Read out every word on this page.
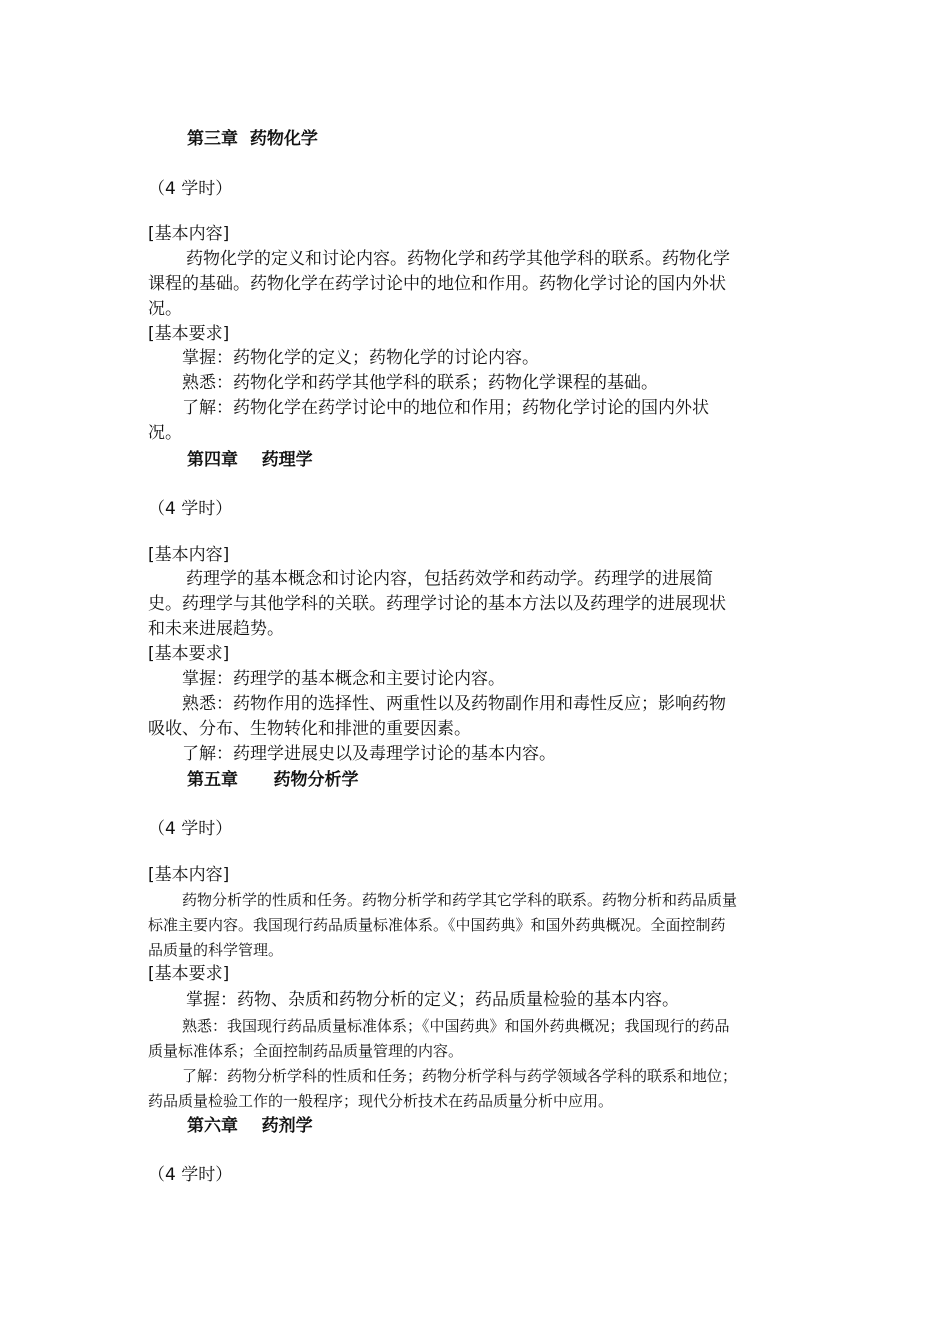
第三章  药物化学
（4 学时）
[基本内容]
药物化学的定义和讨论内容。药物化学和药学其他学科的联系。药物化学
课程的基础。药物化学在药学讨论中的地位和作用。药物化学讨论的国内外状
况。
[基本要求]
掌握：药物化学的定义；药物化学的讨论内容。
熟悉：药物化学和药学其他学科的联系；药物化学课程的基础。
了解：药物化学在药学讨论中的地位和作用；药物化学讨论的国内外状
况。
第四章    药理学
（4 学时）
[基本内容]
药理学的基本概念和讨论内容，包括药效学和药动学。药理学的进展简
史。药理学与其他学科的关联。药理学讨论的基本方法以及药理学的进展现状
和未来进展趋势。
[基本要求]
掌握：药理学的基本概念和主要讨论内容。
熟悉：药物作用的选择性、两重性以及药物副作用和毒性反应；影响药物
吸收、分布、生物转化和排泄的重要因素。
了解：药理学进展史以及毒理学讨论的基本内容。
第五章      药物分析学
（4 学时）
[基本内容]
药物分析学的性质和任务。药物分析学和药学其它学科的联系。药物分析和药品质量
标准主要内容。我国现行药品质量标准体系。《中国药典》和国外药典概况。全面控制药
品质量的科学管理。
[基本要求]
掌握：药物、杂质和药物分析的定义；药品质量检验的基本内容。
熟悉：我国现行药品质量标准体系；《中国药典》和国外药典概况；我国现行的药品
质量标准体系；全面控制药品质量管理的内容。
了解：药物分析学科的性质和任务；药物分析学科与药学领域各学科的联系和地位；
药品质量检验工作的一般程序；现代分析技术在药品质量分析中应用。
第六章    药剂学
（4 学时）
